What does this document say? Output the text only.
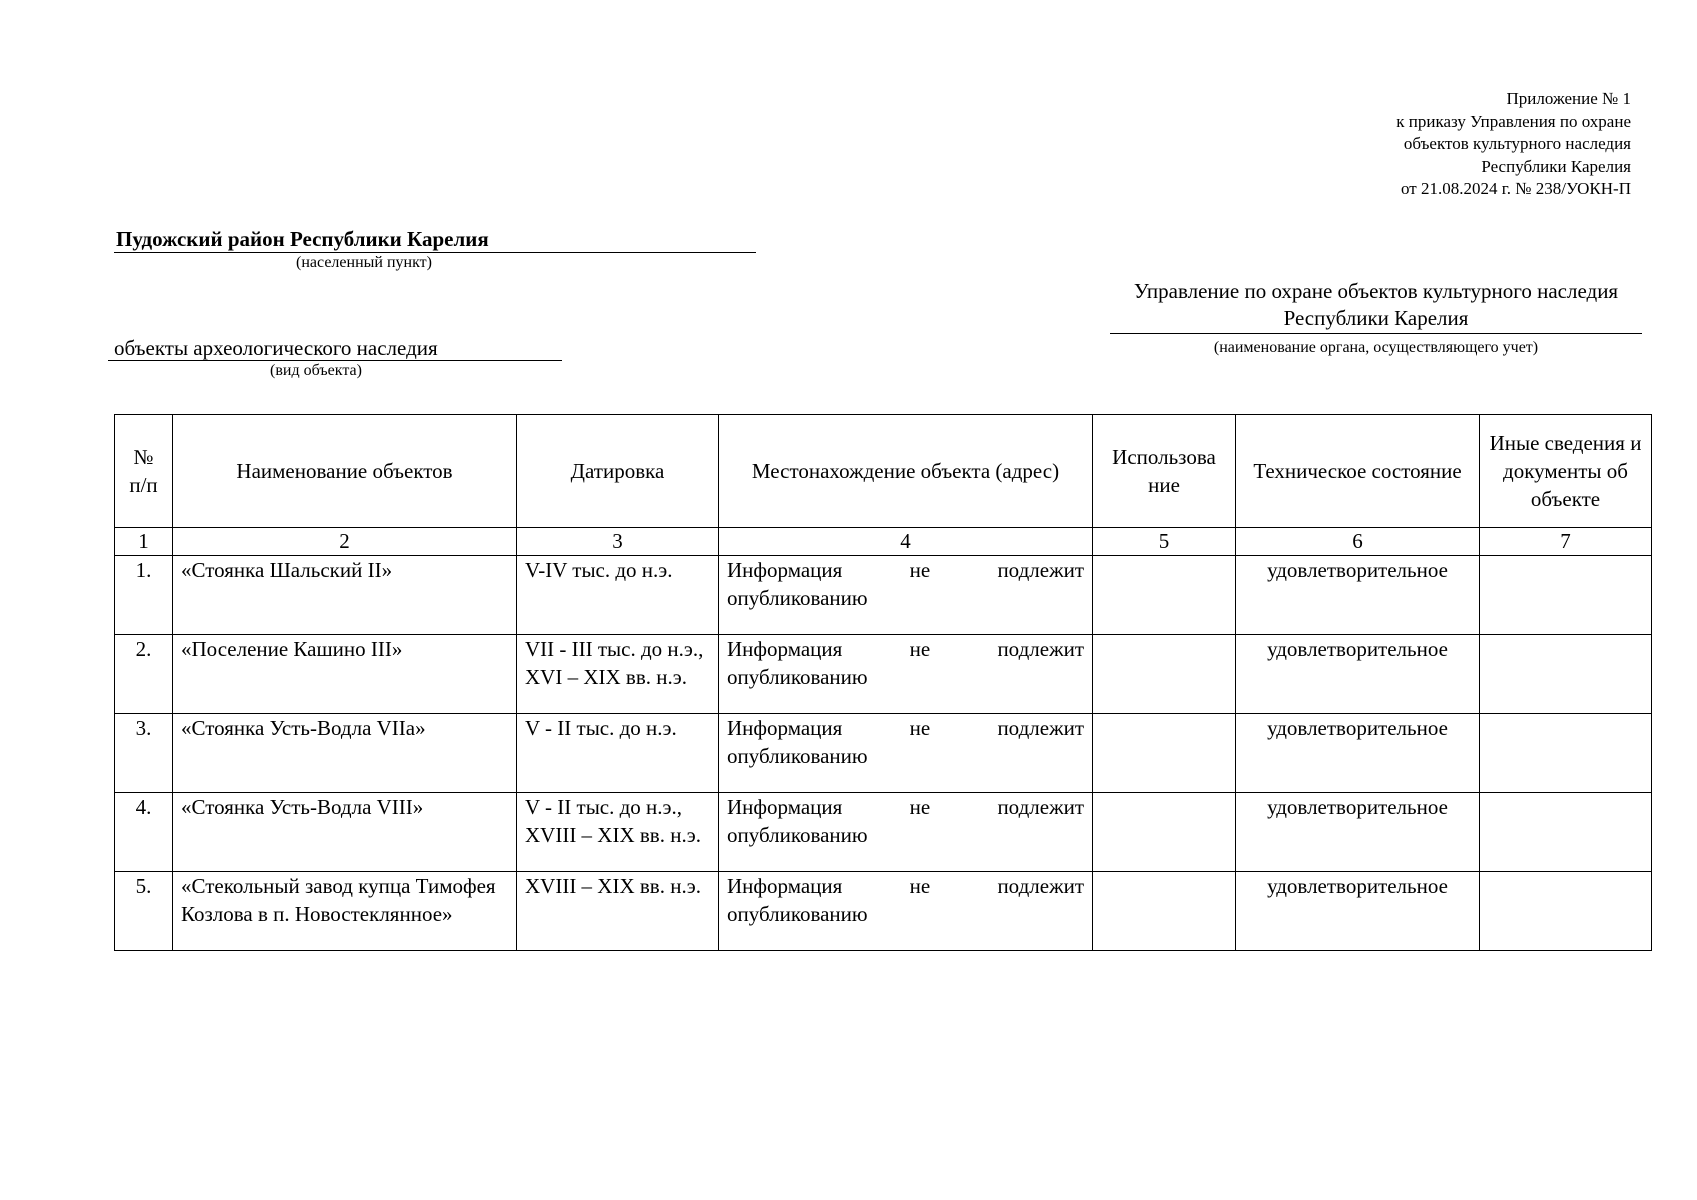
Приложение № 1
к приказу Управления по охране
объектов культурного наследия
Республики Карелия
от 21.08.2024 г. № 238/УОКН-П
Пудожский район Республики Карелия
(населенный пункт)
Управление по охране объектов культурного наследия Республики Карелия
(наименование органа, осуществляющего учет)
объекты археологического наследия
(вид объекта)
№ п/п	Наименование объектов	Датировка	Местонахождение объекта (адрес)	Использова ние	Техническое состояние	Иные сведения и документы об объекте
1	2	3	4	5	6	7
1.	«Стоянка Шальский II»	V-IV тыс. до н.э.	Информация не подлежит опубликованию		удовлетворительное	
2.	«Поселение Кашино III»	VII - III тыс. до н.э., XVI – XIX вв. н.э.	Информация не подлежит опубликованию		удовлетворительное	
3.	«Стоянка Усть-Водла VIIа»	V - II тыс. до н.э.	Информация не подлежит опубликованию		удовлетворительное	
4.	«Стоянка Усть-Водла VIII»	V - II тыс. до н.э., XVIII – XIX вв. н.э.	Информация не подлежит опубликованию		удовлетворительное	
5.	«Стекольный завод купца Тимофея Козлова в п. Новостеклянное»	XVIII – XIX вв. н.э.	Информация не подлежит опубликованию		удовлетворительное	
